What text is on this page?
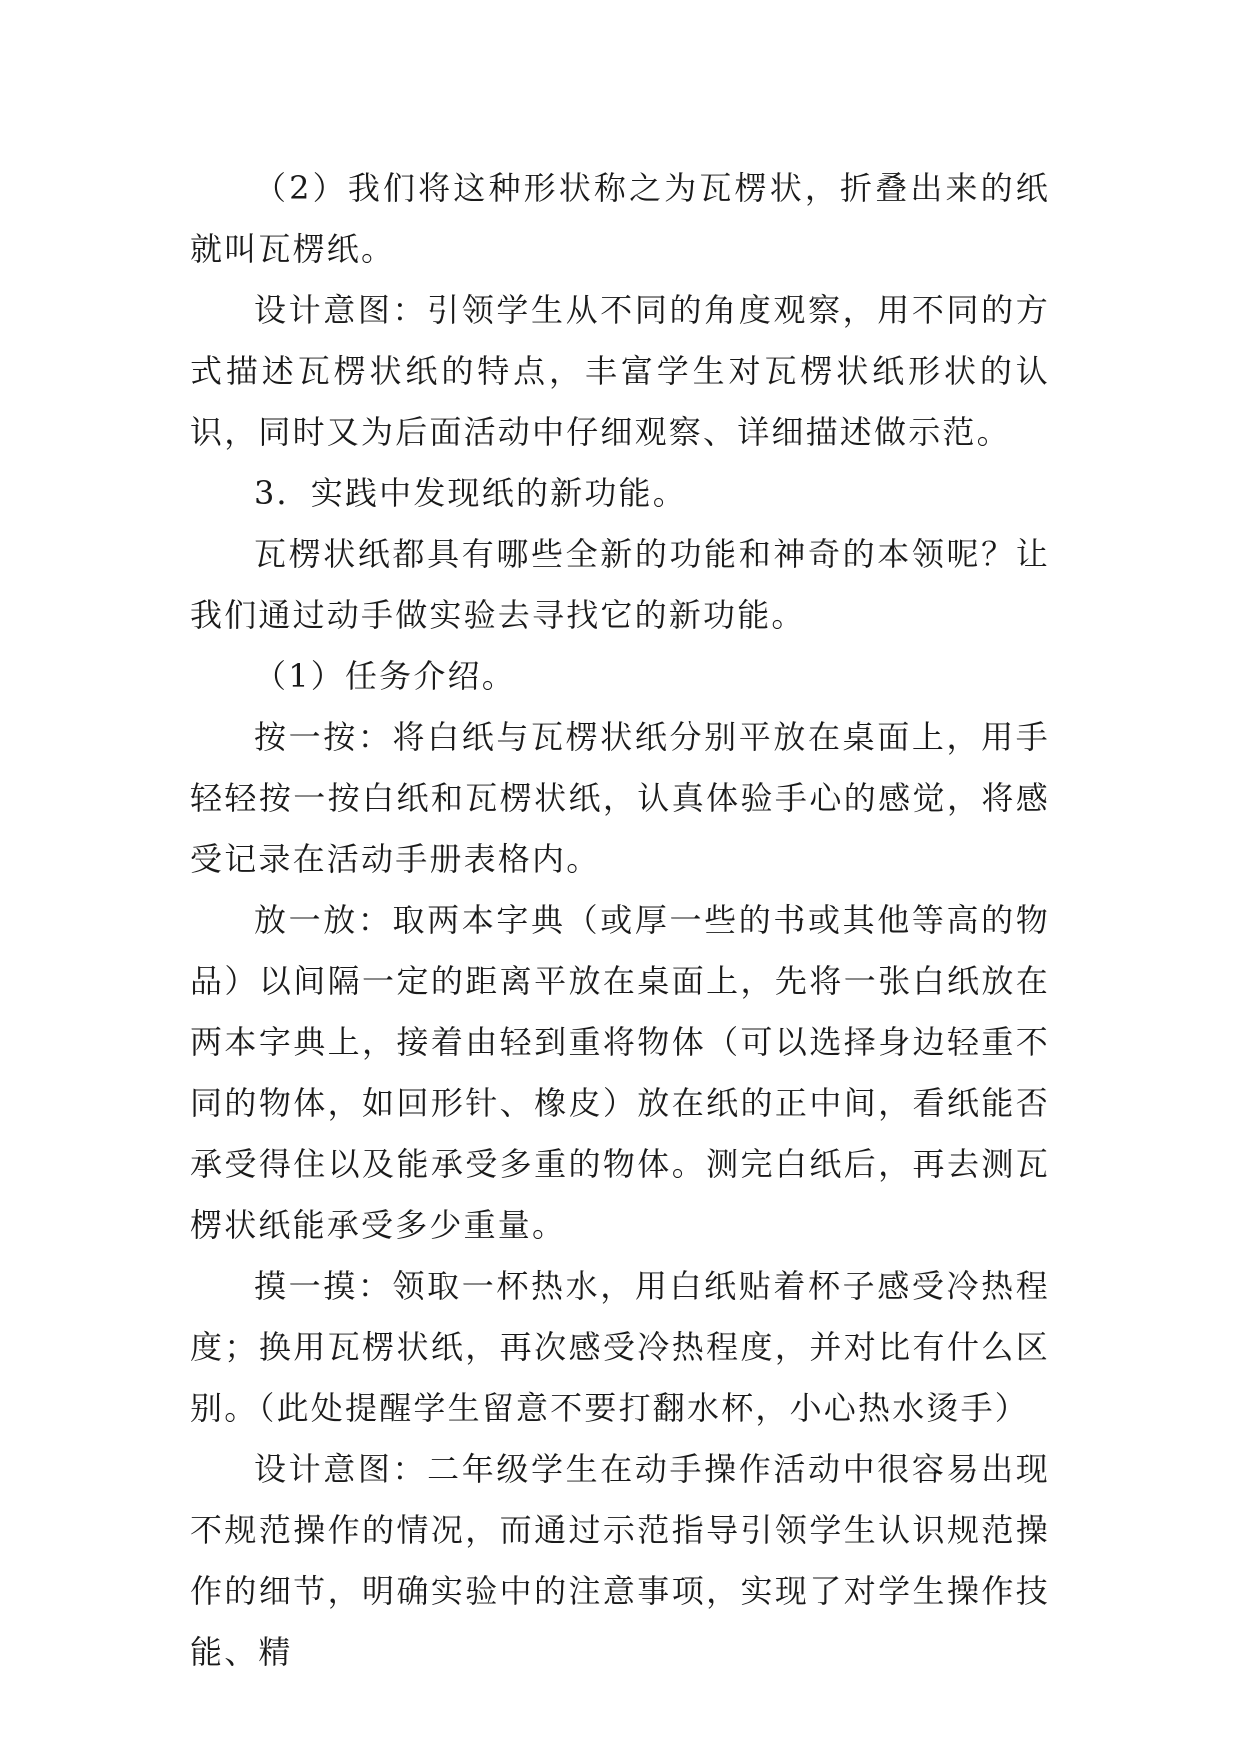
（2）我们将这种形状称之为瓦楞状，折叠出来的纸就叫瓦楞纸。

设计意图：引领学生从不同的角度观察，用不同的方式描述瓦楞状纸的特点，丰富学生对瓦楞状纸形状的认识，同时又为后面活动中仔细观察、详细描述做示范。

3．实践中发现纸的新功能。

瓦楞状纸都具有哪些全新的功能和神奇的本领呢？让我们通过动手做实验去寻找它的新功能。

（1）任务介绍。

按一按：将白纸与瓦楞状纸分别平放在桌面上，用手轻轻按一按白纸和瓦楞状纸，认真体验手心的感觉，将感受记录在活动手册表格内。

放一放：取两本字典（或厚一些的书或其他等高的物品）以间隔一定的距离平放在桌面上，先将一张白纸放在两本字典上，接着由轻到重将物体（可以选择身边轻重不同的物体，如回形针、橡皮）放在纸的正中间，看纸能否承受得住以及能承受多重的物体。测完白纸后，再去测瓦楞状纸能承受多少重量。

摸一摸：领取一杯热水，用白纸贴着杯子感受冷热程度；换用瓦楞状纸，再次感受冷热程度，并对比有什么区别。（此处提醒学生留意不要打翻水杯，小心热水烫手）

设计意图：二年级学生在动手操作活动中很容易出现不规范操作的情况，而通过示范指导引领学生认识规范操作的细节，明确实验中的注意事项，实现了对学生操作技能、精
